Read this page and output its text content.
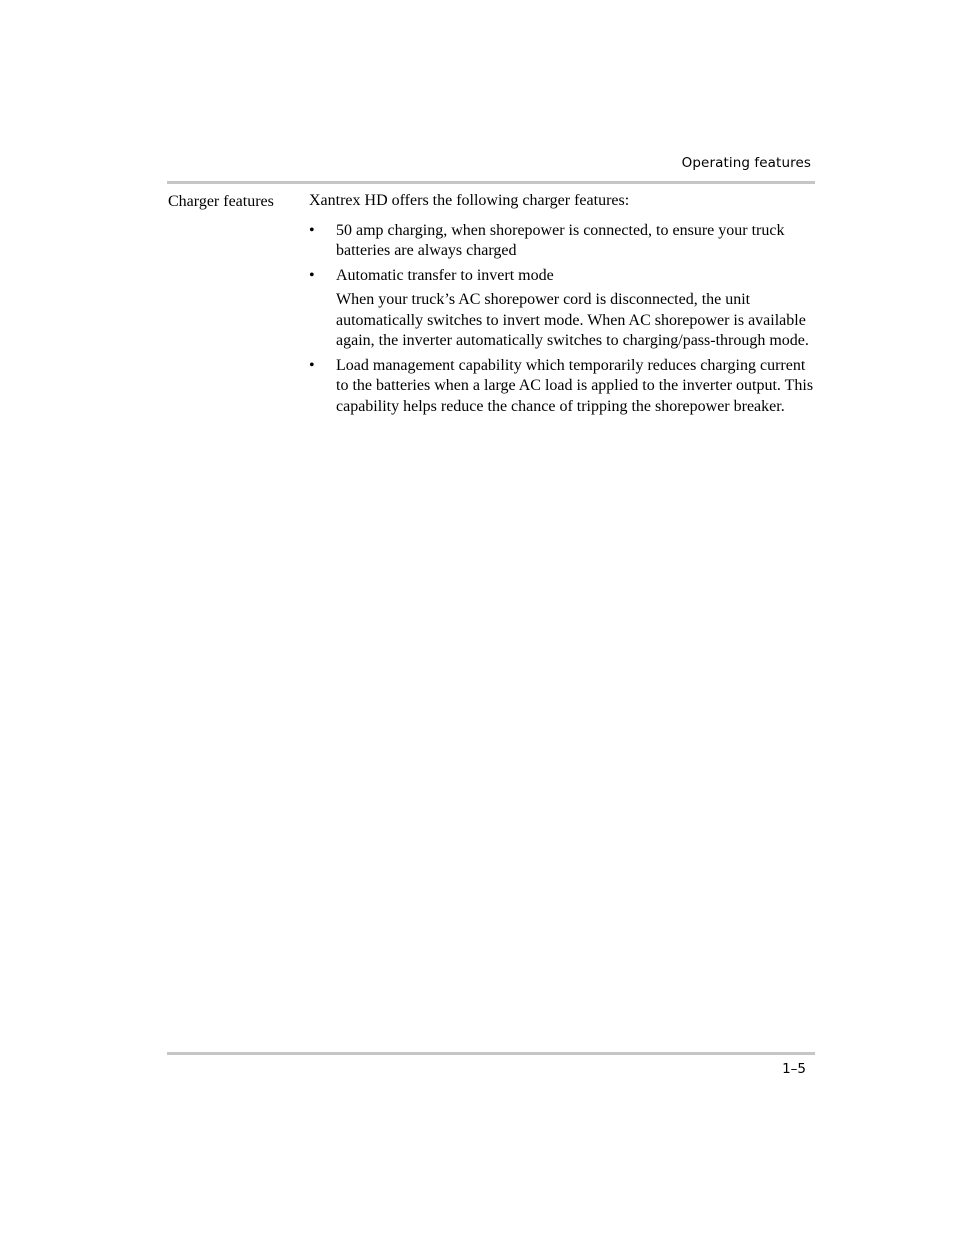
Operating features
Charger features	Xantrex HD offers the following charger features:

• 50 amp charging, when shorepower is connected, to ensure your truck batteries are always charged
• Automatic transfer to invert mode
When your truck’s AC shorepower cord is disconnected, the unit automatically switches to invert mode. When AC shorepower is available again, the inverter automatically switches to charging/pass-through mode.
• Load management capability which temporarily reduces charging current to the batteries when a large AC load is applied to the inverter output. This capability helps reduce the chance of tripping the shorepower breaker.
1–5
